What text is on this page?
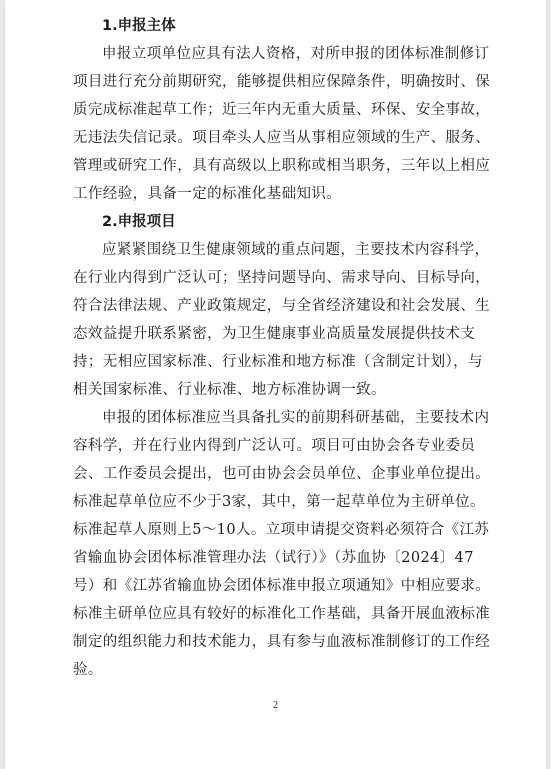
1.申报主体

申报立项单位应具有法人资格，对所申报的团体标准制修订项目进行充分前期研究，能够提供相应保障条件，明确按时、保质完成标准起草工作；近三年内无重大质量、环保、安全事故，无违法失信记录。项目牵头人应当从事相应领域的生产、服务、管理或研究工作，具有高级以上职称或相当职务，三年以上相应工作经验，具备一定的标准化基础知识。

2.申报项目

应紧紧围绕卫生健康领域的重点问题，主要技术内容科学，在行业内得到广泛认可；坚持问题导向、需求导向、目标导向，符合法律法规、产业政策规定，与全省经济建设和社会发展、生态效益提升联系紧密，为卫生健康事业高质量发展提供技术支持；无相应国家标准、行业标准和地方标准（含制定计划），与相关国家标准、行业标准、地方标准协调一致。

申报的团体标准应当具备扎实的前期科研基础，主要技术内容科学，并在行业内得到广泛认可。项目可由协会各专业委员会、工作委员会提出，也可由协会会员单位、企事业单位提出。标准起草单位应不少于3家，其中，第一起草单位为主研单位。标准起草人原则上5～10人。立项申请提交资料必须符合《江苏省输血协会团体标准管理办法（试行）》（苏血协〔2024〕47号）和《江苏省输血协会团体标准申报立项通知》中相应要求。标准主研单位应具有较好的标准化工作基础，具备开展血液标准制定的组织能力和技术能力，具有参与血液标准制修订的工作经验。

2
